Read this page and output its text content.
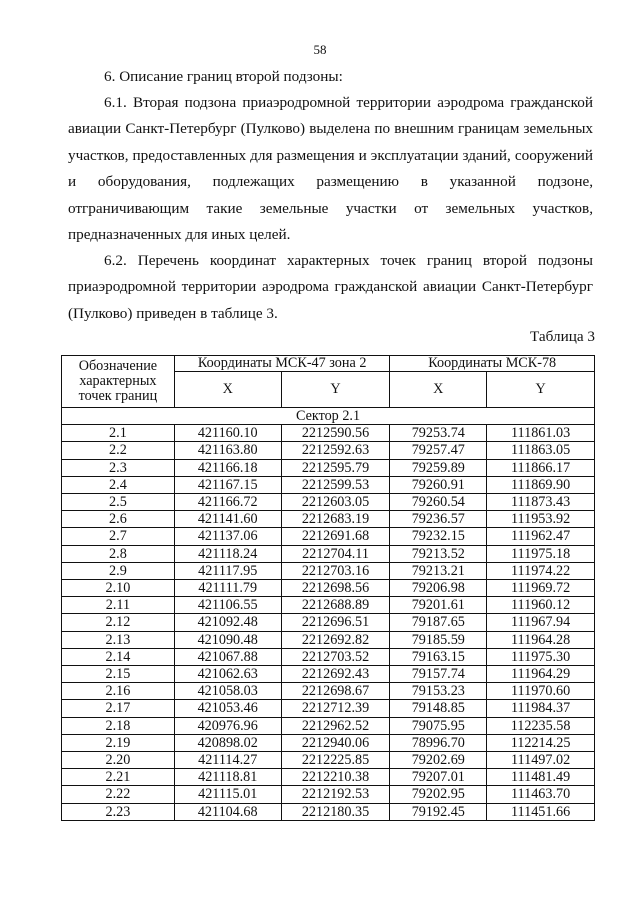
58
6. Описание границ второй подзоны:
6.1. Вторая подзона приаэродромной территории аэродрома гражданской авиации Санкт-Петербург (Пулково) выделена по внешним границам земельных участков, предоставленных для размещения и эксплуатации зданий, сооружений и оборудования, подлежащих размещению в указанной подзоне, отграничивающим такие земельные участки от земельных участков, предназначенных для иных целей.
6.2. Перечень координат характерных точек границ второй подзоны приаэродромной территории аэродрома гражданской авиации Санкт-Петербург (Пулково) приведен в таблице 3.
Таблица 3
Обозначение характерных точек границ	Координаты МСК-47 зона 2		Координаты МСК-78	
	X	Y	X	Y
Сектор 2.1				
2.1	421160.10	2212590.56	79253.74	111861.03
2.2	421163.80	2212592.63	79257.47	111863.05
2.3	421166.18	2212595.79	79259.89	111866.17
2.4	421167.15	2212599.53	79260.91	111869.90
2.5	421166.72	2212603.05	79260.54	111873.43
2.6	421141.60	2212683.19	79236.57	111953.92
2.7	421137.06	2212691.68	79232.15	111962.47
2.8	421118.24	2212704.11	79213.52	111975.18
2.9	421117.95	2212703.16	79213.21	111974.22
2.10	421111.79	2212698.56	79206.98	111969.72
2.11	421106.55	2212688.89	79201.61	111960.12
2.12	421092.48	2212696.51	79187.65	111967.94
2.13	421090.48	2212692.82	79185.59	111964.28
2.14	421067.88	2212703.52	79163.15	111975.30
2.15	421062.63	2212692.43	79157.74	111964.29
2.16	421058.03	2212698.67	79153.23	111970.60
2.17	421053.46	2212712.39	79148.85	111984.37
2.18	420976.96	2212962.52	79075.95	112235.58
2.19	420898.02	2212940.06	78996.70	112214.25
2.20	421114.27	2212225.85	79202.69	111497.02
2.21	421118.81	2212210.38	79207.01	111481.49
2.22	421115.01	2212192.53	79202.95	111463.70
2.23	421104.68	2212180.35	79192.45	111451.66
